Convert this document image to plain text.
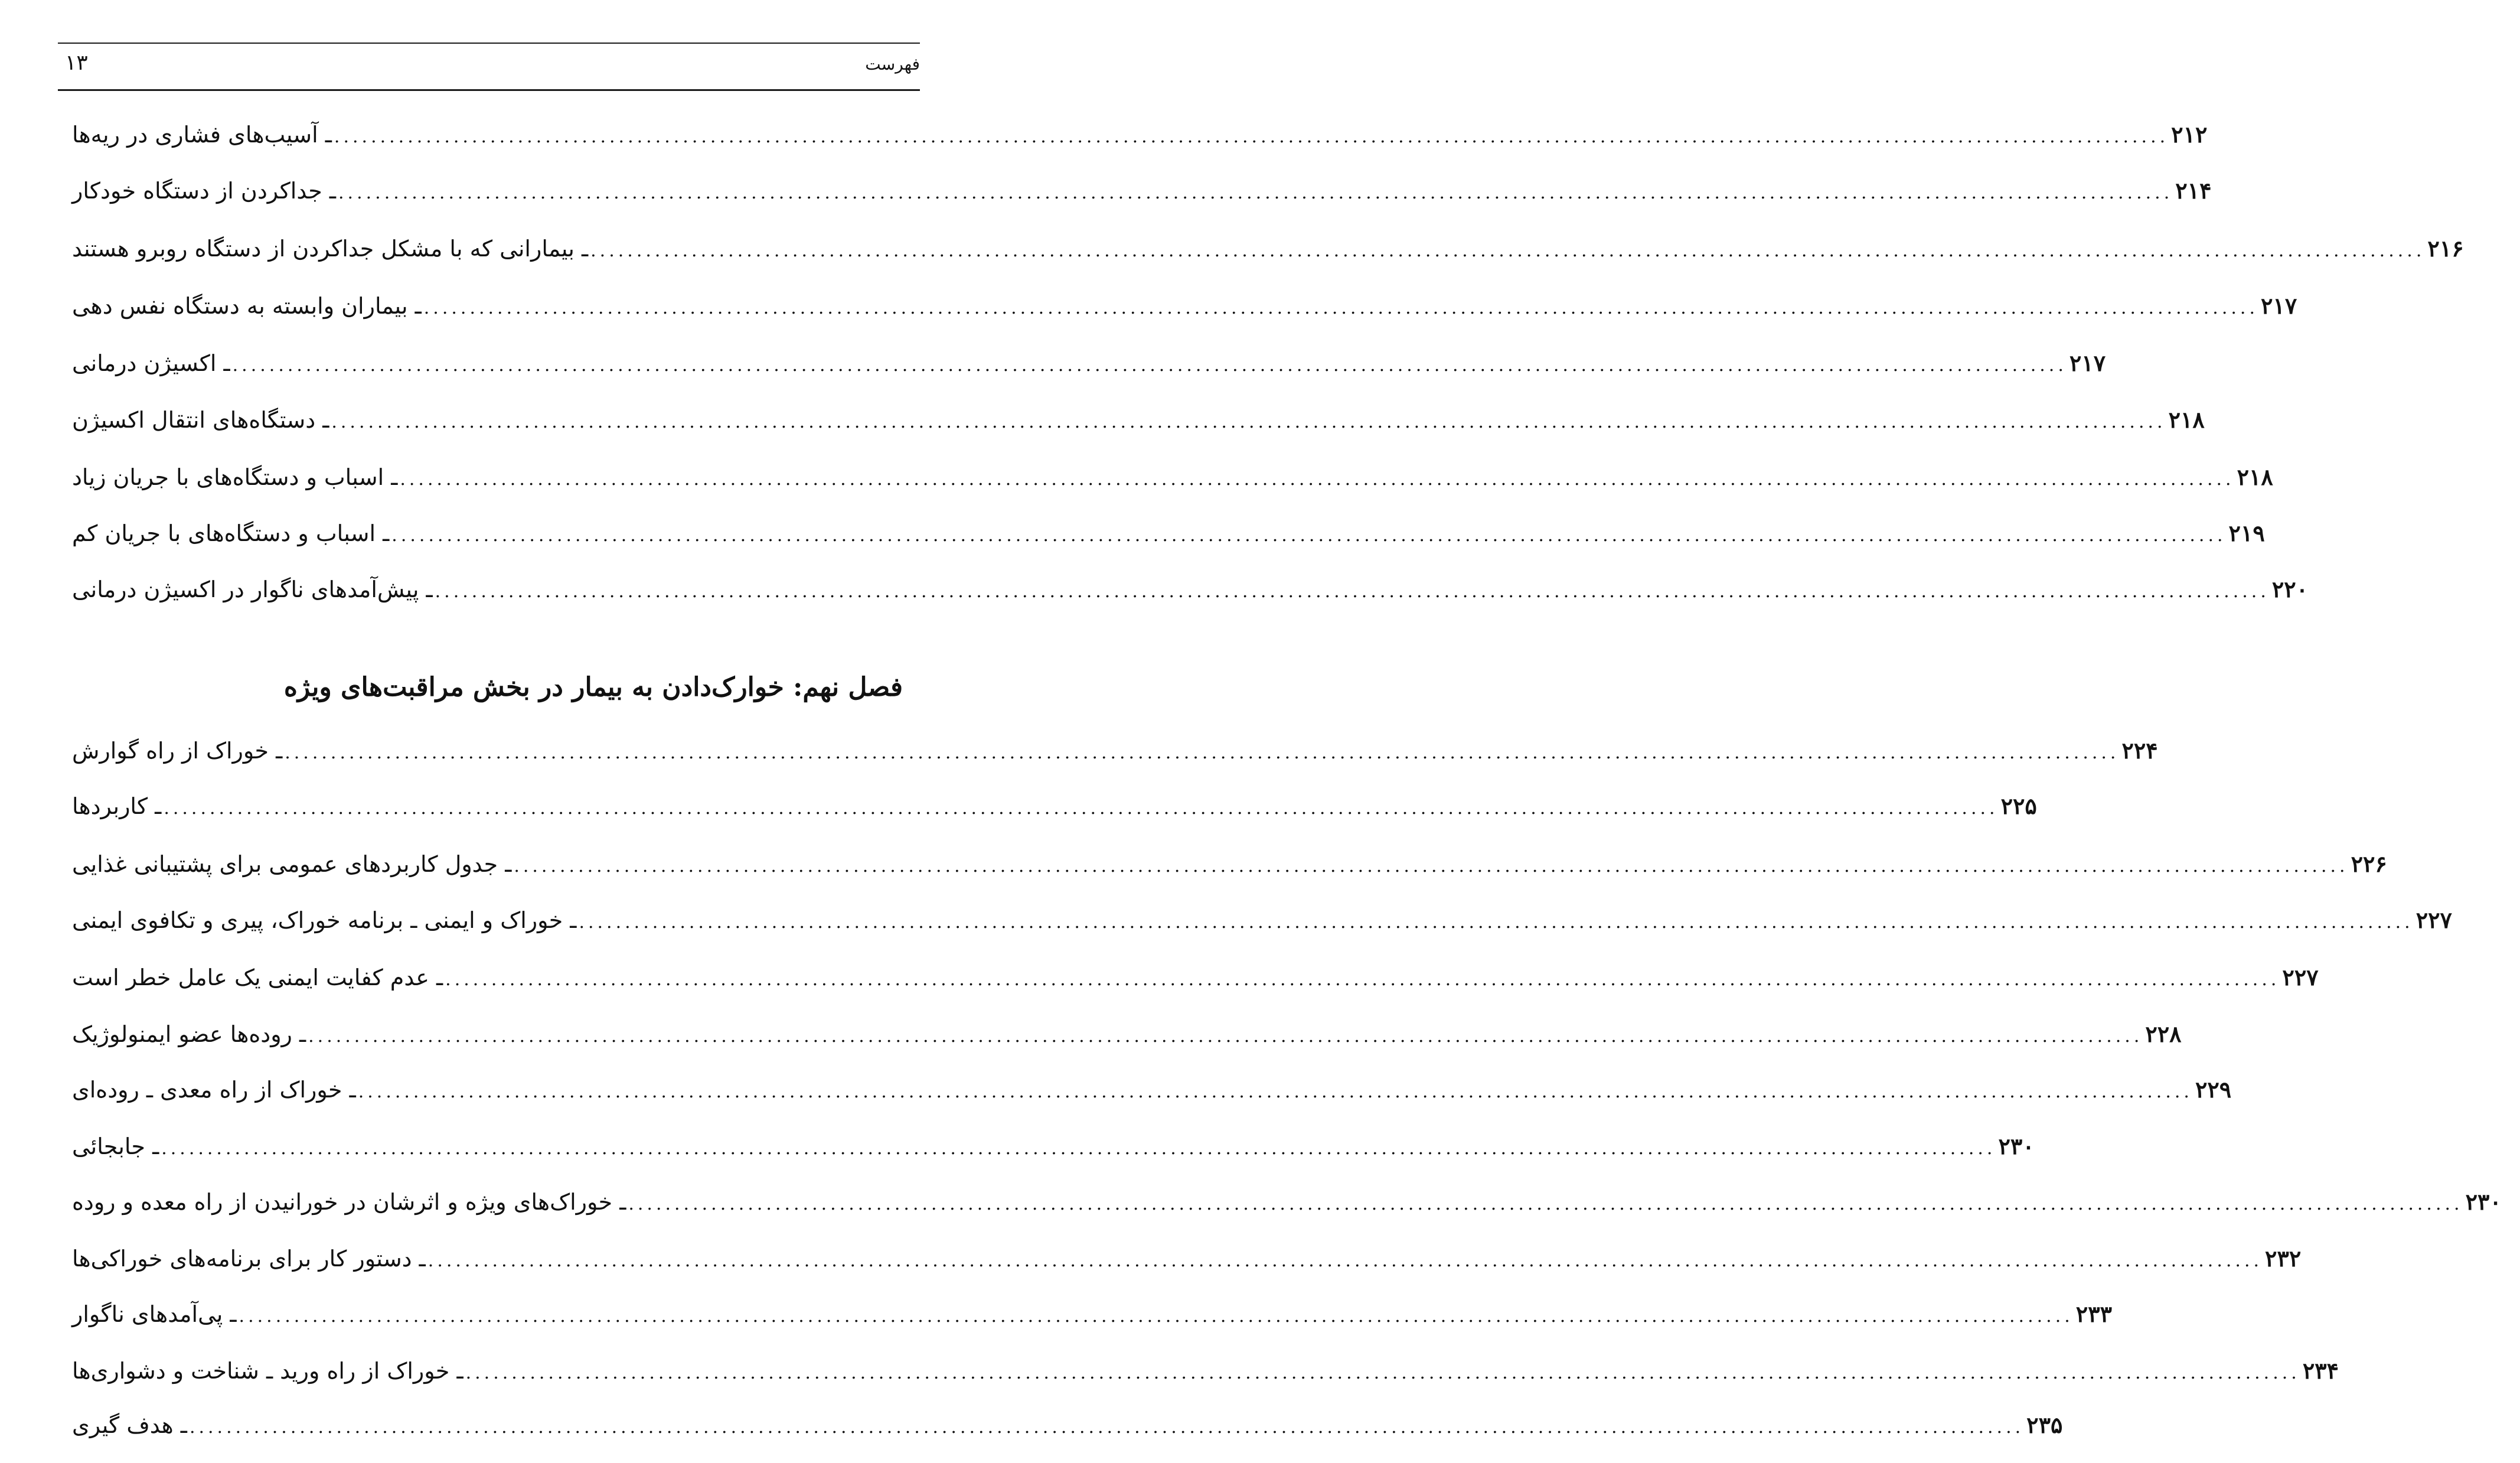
فهرست
۱۳
ـ آسیب‌های فشاری در ریه‌ها ........................................................................................................................................................................................................ ۲۱۲
ـ جداکردن از دستگاه خودکار ........................................................................................................................................................................................................ ۲۱۴
ـ بیمارانی که با مشکل جداکردن از دستگاه روبرو هستند ........................................................................................................................................................................................................ ۲۱۶
ـ بیماران وابسته به دستگاه نفس دهی ........................................................................................................................................................................................................ ۲۱۷
ـ اکسیژن درمانی ........................................................................................................................................................................................................ ۲۱۷
ـ دستگاه‌های انتقال اکسیژن ........................................................................................................................................................................................................ ۲۱۸
ـ اسباب و دستگاه‌های با جریان زیاد ........................................................................................................................................................................................................ ۲۱۸
ـ اسباب و دستگاه‌های با جریان کم ........................................................................................................................................................................................................ ۲۱۹
ـ پیش‌آمدهای ناگوار در اکسیژن درمانی ........................................................................................................................................................................................................ ۲۲۰
فصل نهم: خوارک‌دادن به بیمار در بخش مراقبت‌های ویژه
ـ خوراک از راه گوارش ........................................................................................................................................................................................................ ۲۲۴
ـ کاربردها ........................................................................................................................................................................................................ ۲۲۵
ـ جدول کاربردهای عمومی برای پشتیبانی غذایی ........................................................................................................................................................................................................ ۲۲۶
ـ خوراک و ایمنی ـ برنامه خوراک، پیری و تکافوی ایمنی ........................................................................................................................................................................................................ ۲۲۷
ـ عدم کفایت ایمنی یک عامل خطر است ........................................................................................................................................................................................................ ۲۲۷
ـ روده‌ها عضو ایمنولوژیک ........................................................................................................................................................................................................ ۲۲۸
ـ خوراک از راه معدی ـ روده‌ای ........................................................................................................................................................................................................ ۲۲۹
ـ جابجائی ........................................................................................................................................................................................................ ۲۳۰
ـ خوراک‌های ویژه و اثرشان در خورانیدن از راه معده و روده ........................................................................................................................................................................................................ ۲۳۰
ـ دستور کار برای برنامه‌های خوراکی‌ها ........................................................................................................................................................................................................ ۲۳۲
ـ پی‌آمدهای ناگوار ........................................................................................................................................................................................................ ۲۳۳
ـ خوراک از راه ورید ـ شناخت و دشواری‌ها ........................................................................................................................................................................................................ ۲۳۴
ـ هدف گیری ........................................................................................................................................................................................................ ۲۳۵
